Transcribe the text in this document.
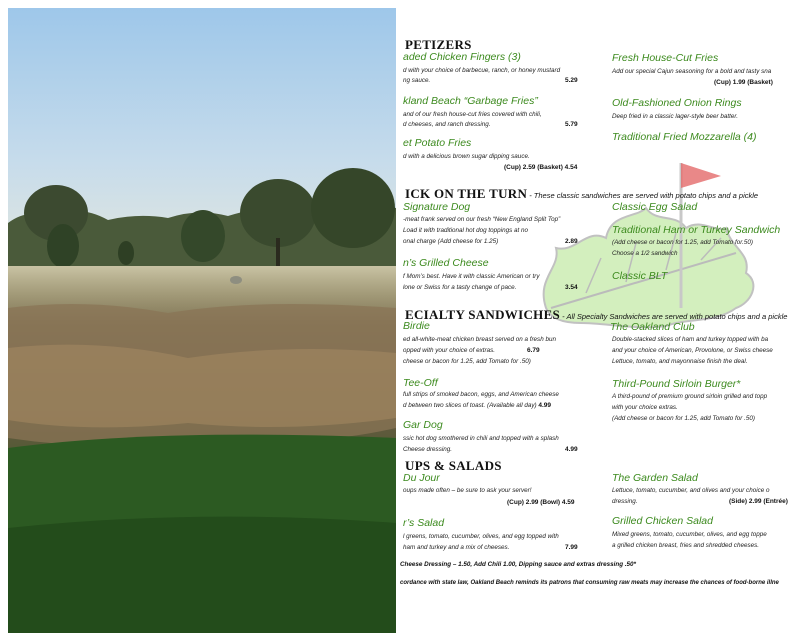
PETIZERS
aded Chicken Fingers (3)
d with your choice of barbecue, ranch, or honey mustard
ng sauce.	5.29
kland Beach “Garbage Fries”
and of our fresh house-cut fries covered with chili,
d cheeses, and ranch dressing.	5.79
et Potato Fries
d with a delicious brown sugar dipping sauce.
(Cup) 2.59 (Basket) 4.54
Fresh House-Cut Fries
Add our special Cajun seasoning for a bold and tasty sna
(Cup) 1.99 (Basket)
Old-Fashioned Onion Rings
Deep fried in a classic lager-style beer batter.
Traditional Fried Mozzarella (4)
ICK ON THE TURN - These classic sandwiches are served with potato chips and a pickle
Signature Dog
-meat frank served on our fresh “New England Split Top”
Load it with traditional hot dog toppings at no
onal charge (Add cheese for 1.25)	2.89
n’s Grilled Cheese
f Mom’s best. Have it with classic American or try
lone or Swiss for a tasty change of pace.	3.54
Classic Egg Salad
Traditional Ham or Turkey Sandwich
(Add cheese or bacon for 1.25, add Tomato for.50)
Choose a 1/2 sandwich
Classic BLT
ECIALTY SANDWICHES - All Specialty Sandwiches are served with potato chips and a pickle
Birdie
ed all-white-meat chicken breast served on a fresh bun
opped with your choice of extras.	6.79
cheese or bacon for 1.25, add Tomato for .50)
Tee-Off
full strips of smoked bacon, eggs, and American cheese
d between two slices of toast. (Available all day) 4.99
Gar Dog
ssic hot dog smothered in chili and topped with a splash
Cheese dressing.	4.99
The Oakland Club
Double-stacked slices of ham and turkey topped with ba
and your choice of American, Provolone, or Swiss cheese
Lettuce, tomato, and mayonnaise finish the deal.
Third-Pound Sirloin Burger*
A third-pound of premium ground sirloin grilled and topp
with your choice extras.
(Add cheese or bacon for 1.25, add Tomato for .50)
UPS & SALADS
Du Jour
oups made often – be sure to ask your server!
(Cup) 2.99 (Bowl) 4.59
r’s Salad
l greens, tomato, cucumber, olives, and egg topped with
ham and turkey and a mix of cheeses.	7.99
The Garden Salad
Lettuce, tomato, cucumber, and olives and your choice o
dressing.	(Side) 2.99 (Entrée)
Grilled Chicken Salad
Mixed greens, tomato, cucumber, olives, and egg toppe
a grilled chicken breast, fries and shredded cheeses.
Cheese Dressing – 1.50, Add Chili 1.00, Dipping sauce and extras dressing .50*
cordance with state law, Oakland Beach reminds its patrons that consuming raw meats may increase the chances of food-borne illne
